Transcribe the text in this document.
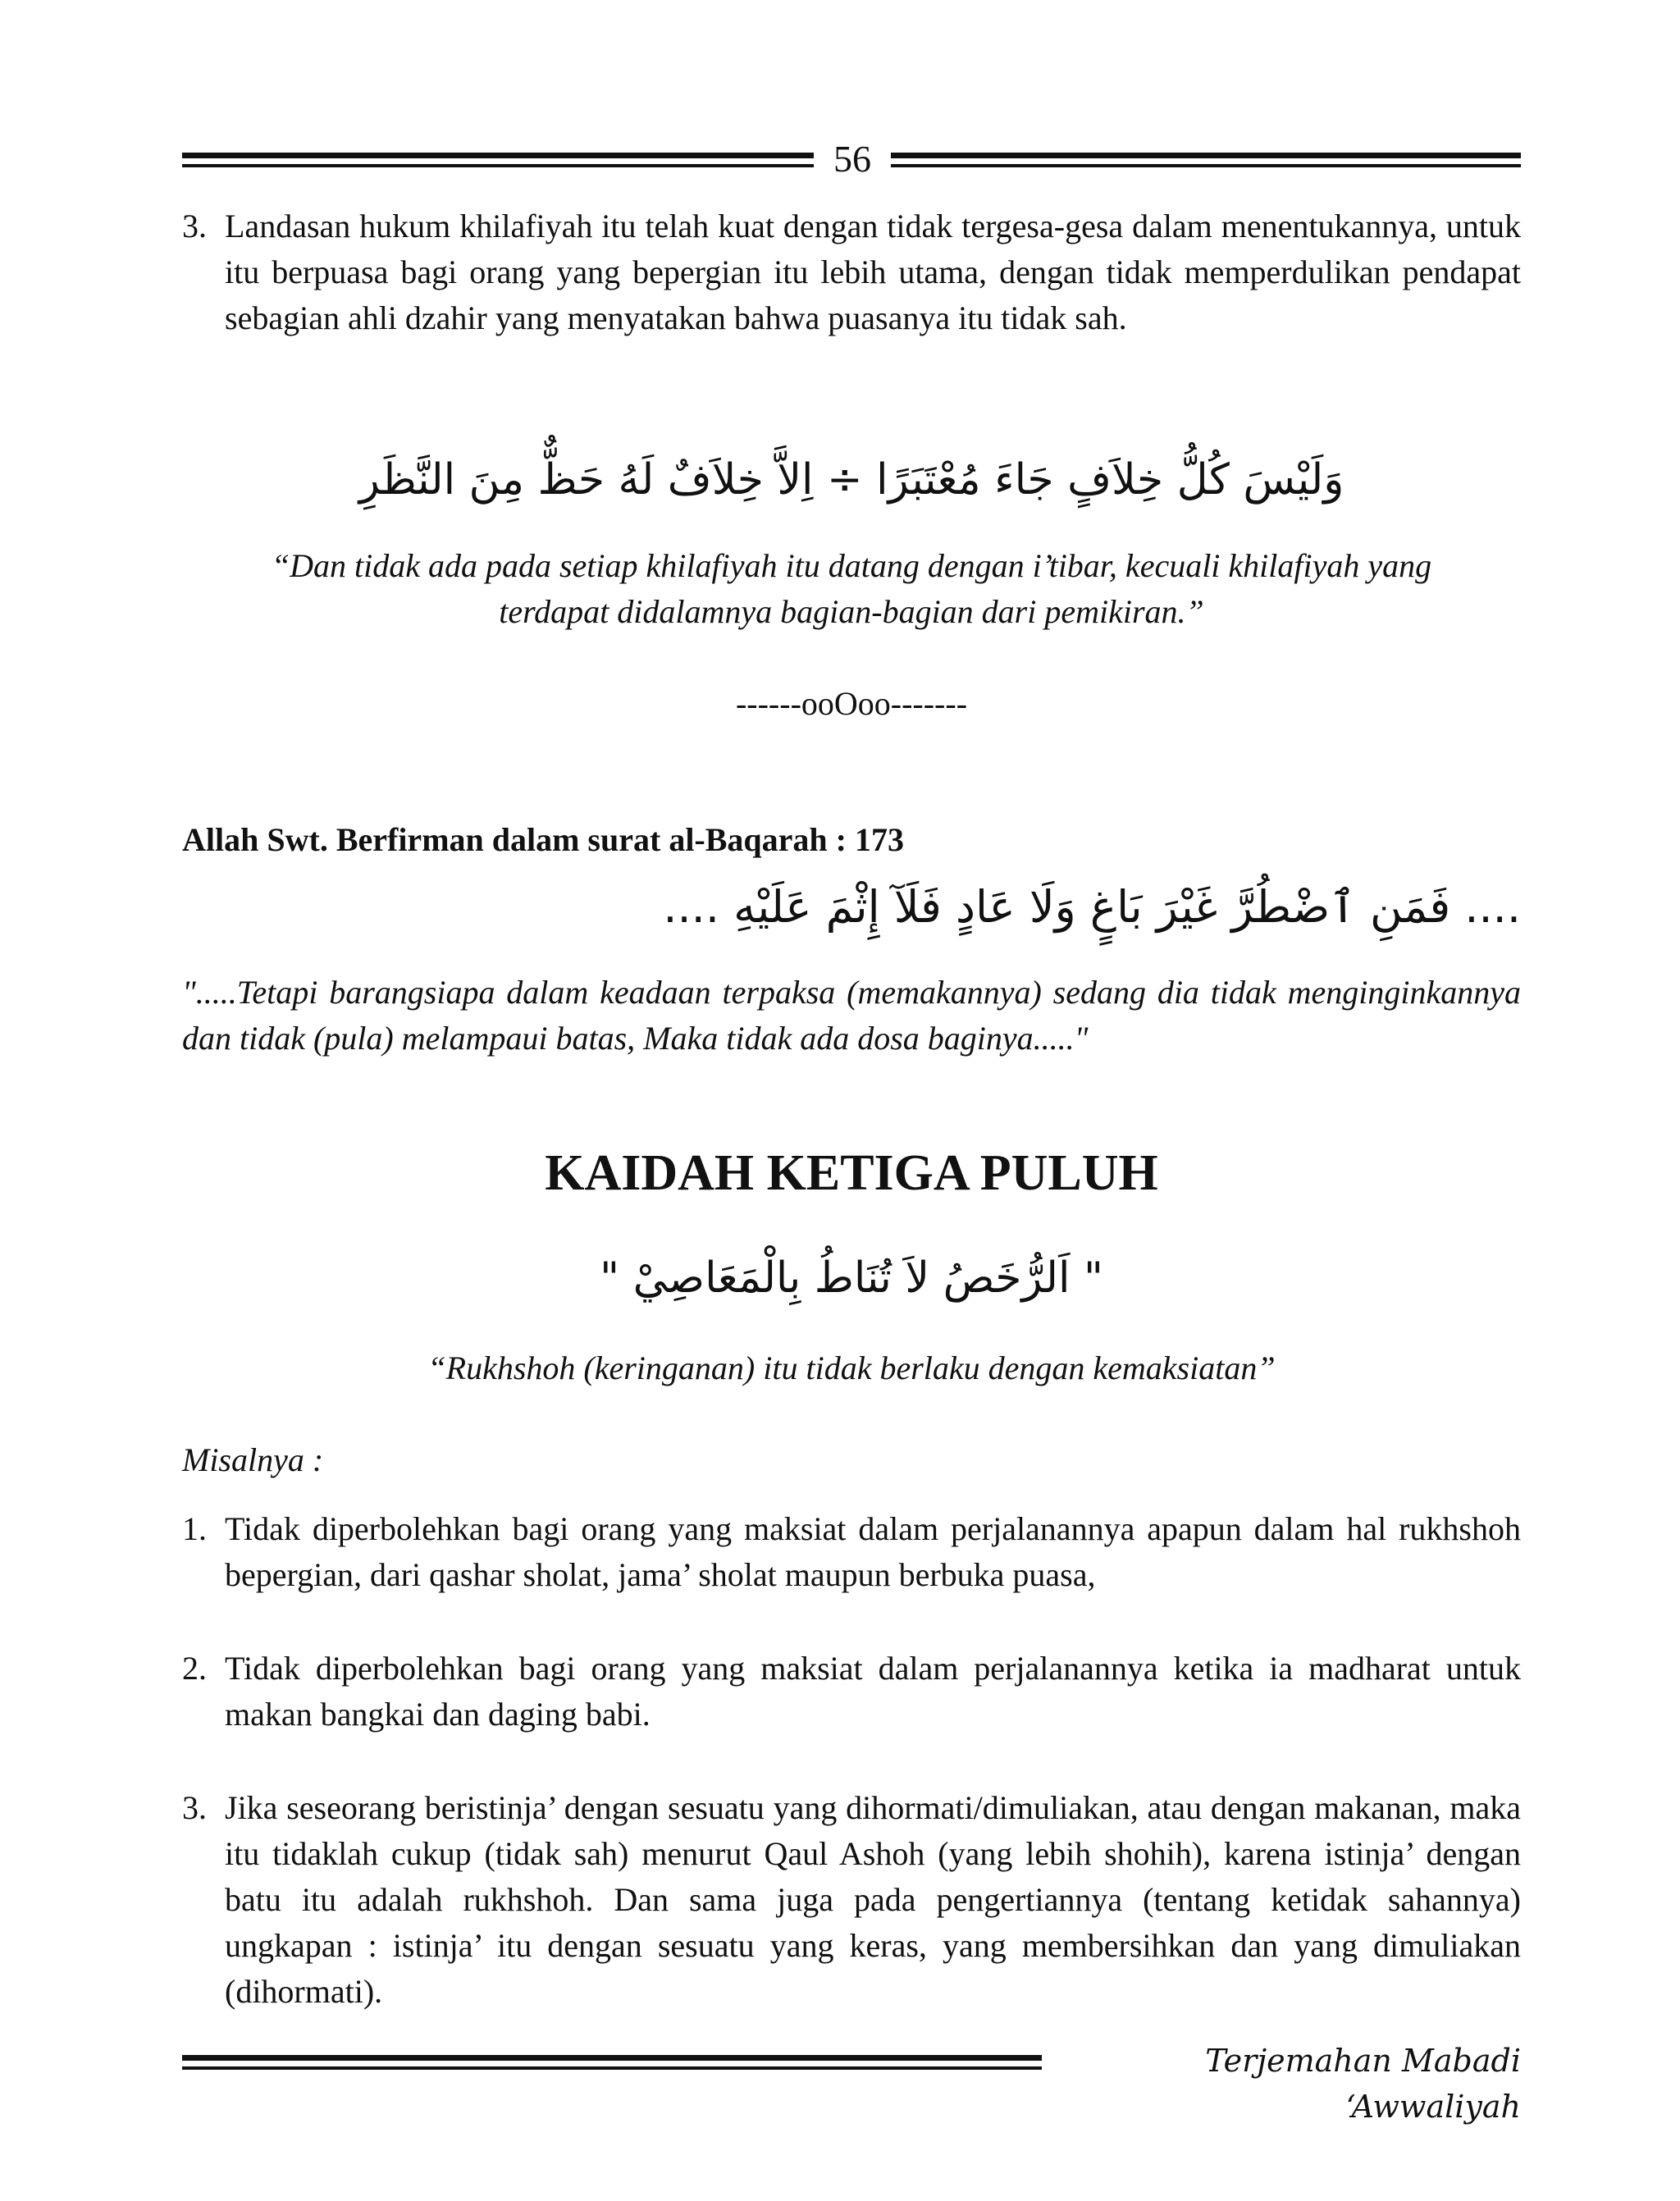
56
3. Landasan hukum khilafiyah itu telah kuat dengan tidak tergesa-gesa dalam menentukannya, untuk itu berpuasa bagi orang yang bepergian itu lebih utama, dengan tidak memperdulikan pendapat sebagian ahli dzahir yang menyatakan bahwa puasanya itu tidak sah.
وَلَيْسَ كُلُّ خِلاَفٍ جَاءَ مُعْتَبَرًا ÷ اِلاَّ خِلاَفٌ لَهُ حَظٌّ مِنَ النَّظَرِ
“Dan tidak ada pada setiap khilafiyah itu datang dengan i’tibar, kecuali khilafiyah yang terdapat didalamnya bagian-bagian dari pemikiran.”
------ooOoo-------
Allah Swt. Berfirman dalam surat al-Baqarah : 173
.... فَمَنِ ٱضْطُرَّ غَيْرَ بَاغٍ وَلَا عَادٍ فَلَآ إِثْمَ عَلَيْهِ ....
".....Tetapi barangsiapa dalam keadaan terpaksa (memakannya) sedang dia tidak menginginkannya dan tidak (pula) melampaui batas, Maka tidak ada dosa baginya....."
KAIDAH KETIGA PULUH
" اَلرُّخَصُ لاَ تُنَاطُ بِالْمَعَاصِيْ "
“Rukhshoh (keringanan) itu tidak berlaku dengan kemaksiatan”
Misalnya :
1. Tidak diperbolehkan bagi orang yang maksiat dalam perjalanannya apapun dalam hal rukhshoh bepergian, dari qashar sholat, jama’ sholat maupun berbuka puasa,
2. Tidak diperbolehkan bagi orang yang maksiat dalam perjalanannya ketika ia madharat untuk makan bangkai dan daging babi.
3. Jika seseorang beristinja’ dengan sesuatu yang dihormati/dimuliakan, atau dengan makanan, maka itu tidaklah cukup (tidak sah) menurut Qaul Ashoh (yang lebih shohih), karena istinja’ dengan batu itu adalah rukhshoh. Dan sama juga pada pengertiannya (tentang ketidak sahannya) ungkapan : istinja’ itu dengan sesuatu yang keras, yang membersihkan dan yang dimuliakan (dihormati).
Terjemahan Mabadi ‘Awwaliyah
